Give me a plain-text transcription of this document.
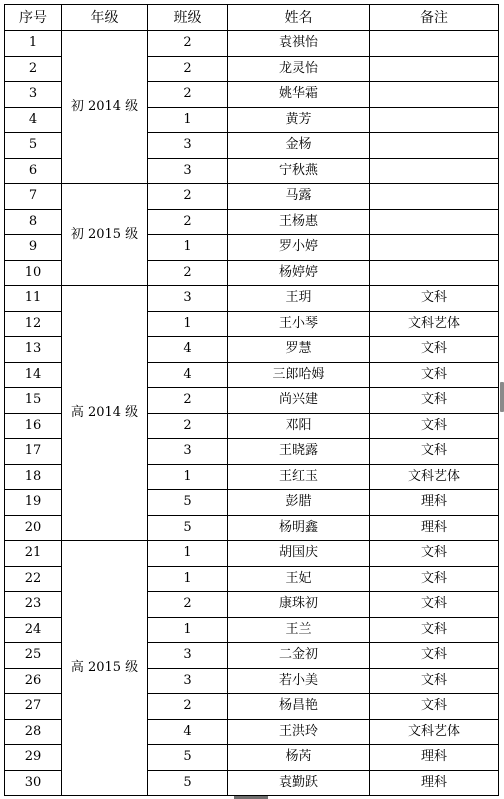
序号	年级	班级	姓名	备注
1	初 2014 级	2	袁祺怡	
2		2	龙灵怡	
3		2	姚华霜	
4		1	黄芳	
5		3	金杨	
6		3	宁秋燕	
7	初 2015 级	2	马露	
8		2	王杨惠	
9		1	罗小婷	
10		2	杨婷婷	
11	高 2014 级	3	王玥	文科
12		1	王小琴	文科艺体
13		4	罗慧	文科
14		4	三郎哈姆	文科
15		2	尚兴建	文科
16		2	邓阳	文科
17		3	王晓露	文科
18		1	王红玉	文科艺体
19		5	彭腊	理科
20		5	杨明鑫	理科
21	高 2015 级	1	胡国庆	文科
22		1	王妃	文科
23		2	康珠初	文科
24		1	王兰	文科
25		3	二金初	文科
26		3	若小美	文科
27		2	杨昌艳	文科
28		4	王洪玲	文科艺体
29		5	杨芮	理科
30		5	袁勤跃	理科
